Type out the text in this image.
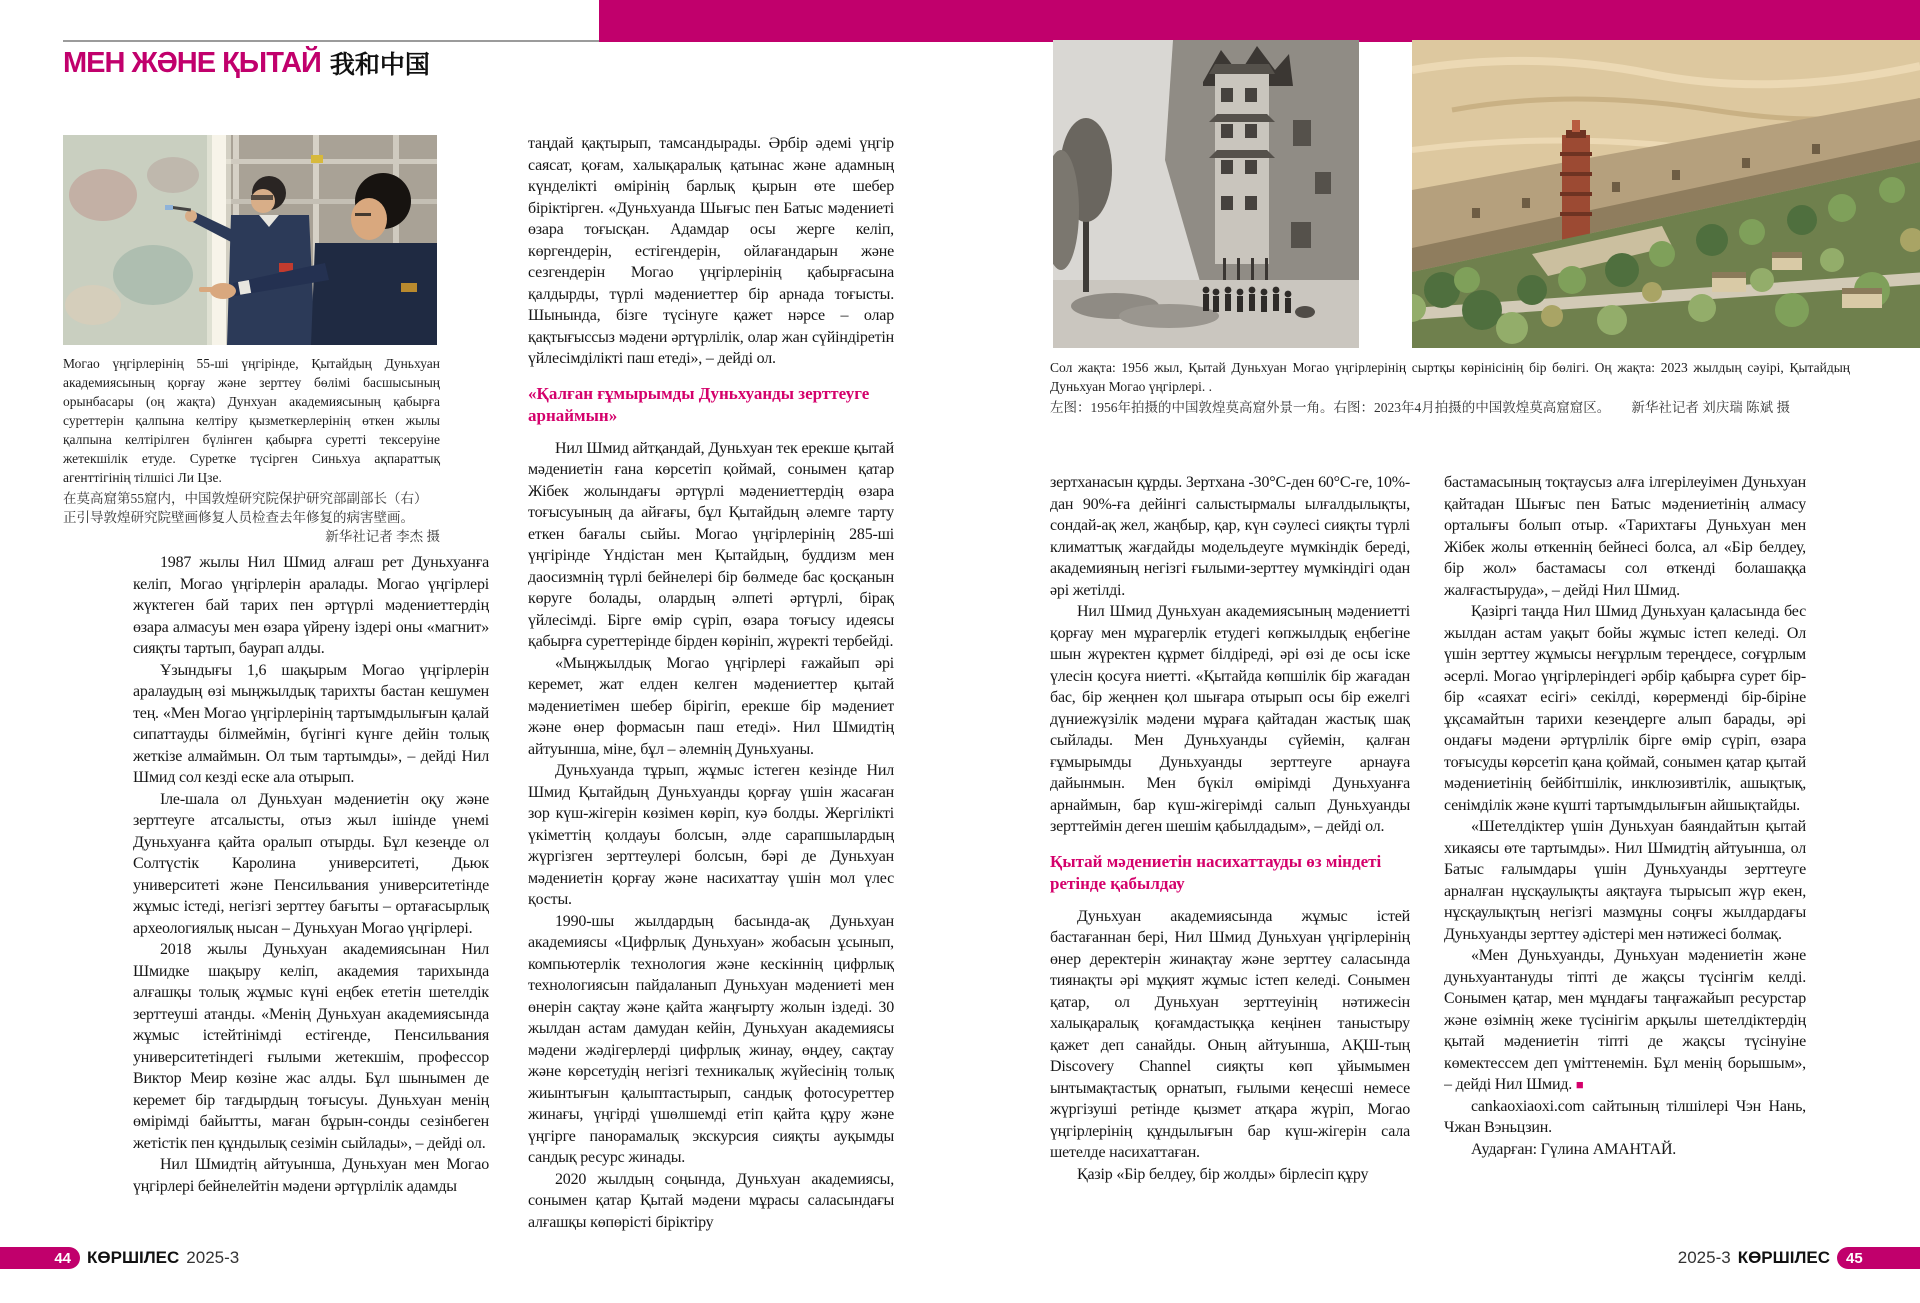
МЕН ЖӘНЕ ҚЫТАЙ 我和中国
Могао үңгірлерінің 55-ші үңгірінде, Қытайдың Дуньхуан академиясының қорғау және зерттеу бөлімі басшысының орынбасары (оң жақта) Дунхуан академиясының қабырға суреттерін қалпына келтіру қызметкерлерінің өткен жылы қалпына келтірілген бүлінген қабырға суретті тексеруіне жетекшілік етуде. Суретке түсірген Синьхуа ақпараттық агенттігінің тілшісі Ли Цзе.
在莫高窟第55窟内，中国敦煌研究院保护研究部副部长（右）正引导敦煌研究院壁画修复人员检查去年修复的病害壁画。
新华社记者 李杰 摄

1987 жылы Нил Шмид алғаш рет Дуньхуанға келіп, Могао үңгірлерін аралады. Могао үңгірлері жүктеген бай тарих пен әртүрлі мәдениеттердің өзара алмасуы мен өзара үйрену іздері оны «магнит» сияқты тартып, баурап алды.

Ұзындығы 1,6 шақырым Могао үңгірлерін аралаудың өзі мыңжылдық тарихты бастан кешумен тең. «Мен Могао үңгірлерінің тартымдылығын қалай сипаттауды білмеймін, бүгінгі күнге дейін толық жеткізе алмаймын. Ол тым тартымды», – дейді Нил Шмид сол кезді еске ала отырып.

Іле-шала ол Дуньхуан мәдениетін оқу және зерттеуге атсалысты, отыз жыл ішінде үнемі Дуньхуанға қайта оралып отырды. Бұл кезеңде ол Солтүстік Каролина университеті, Дьюк университеті және Пенсильвания университетінде жұмыс істеді, негізгі зерттеу бағыты – ортағасырлық археологиялық нысан – Дуньхуан Могао үңгірлері.

2018 жылы Дуньхуан академиясынан Нил Шмидке шақыру келіп, академия тарихында алғашқы толық жұмыс күні еңбек ететін шетелдік зерттеуші атанды. «Менің Дуньхуан академиясында жұмыс істейтінімді естігенде, Пенсильвания университетіндегі ғылыми жетекшім, профессор Виктор Меир көзіне жас алды. Бұл шынымен де керемет бір тағдырдың тоғысуы. Дуньхуан менің өмірімді байытты, маған бұрын-сонды сезінбеген жетістік пен құндылық сезімін сыйлады», – дейді ол.

Нил Шмидтің айтуынша, Дуньхуан мен Могао үңгірлері бейнелейтін мәдени әртүрлілік адамды

таңдай қақтырып, тамсандырады. Әрбір әдемі үңгір саясат, қоғам, халықаралық қатынас және адамның күнделікті өмірінің барлық қырын өте шебер біріктірген. «Дуньхуанда Шығыс пен Батыс мәдениеті өзара тоғысқан. Адамдар осы жерге келіп, көргендерін, естігендерін, ойлағандарын және сезгендерін Могао үңгірлерінің қабырғасына қалдырды, түрлі мәдениеттер бір арнада тоғысты. Шынында, бізге түсінуге қажет нәрсе – олар қақтығыссыз мәдени әртүрлілік, олар жан сүйіндіретін үйлесімділікті паш етеді», – дейді ол.

«Қалған ғұмырымды Дуньхуанды зерттеуге арнаймын»

Нил Шмид айтқандай, Дуньхуан тек ерекше қытай мәдениетін ғана көрсетіп қоймай, сонымен қатар Жібек жолындағы әртүрлі мәдениеттердің өзара тоғысуының да айғағы, бұл Қытайдың әлемге тарту еткен бағалы сыйы. Могао үңгірлерінің 285-ші үңгірінде Үндістан мен Қытайдың, буддизм мен даосизмнің түрлі бейнелері бір бөлмеде бас қосқанын көруге болады, олардың әлпеті әртүрлі, бірақ үйлесімді. Бірге өмір сүріп, өзара тоғысу идеясы қабырға суреттерінде бірден көрініп, жүректі тербейді.

«Мыңжылдық Могао үңгірлері ғажайып әрі керемет, жат елден келген мәдениеттер қытай мәдениетімен шебер бірігіп, ерекше бір мәдениет және өнер формасын паш етеді». Нил Шмидтің айтуынша, міне, бұл – әлемнің Дуньхуаны.

Дуньхуанда тұрып, жұмыс істеген кезінде Нил Шмид Қытайдың Дуньхуанды қорғау үшін жасаған зор күш-жігерін көзімен көріп, куә болды. Жергілікті үкіметтің қолдауы болсын, әлде сарапшылардың жүргізген зерттеулері болсын, бәрі де Дуньхуан мәдениетін қорғау және насихаттау үшін мол үлес қосты.

1990-шы жылдардың басында-ақ Дуньхуан академиясы «Цифрлық Дуньхуан» жобасын ұсынып, компьютерлік технология және кескіннің цифрлық технологиясын пайдаланып Дуньхуан мәдениеті мен өнерін сақтау және қайта жаңғырту жолын іздеді. 30 жылдан астам дамудан кейін, Дуньхуан академиясы мәдени жәдігерлерді цифрлық жинау, өңдеу, сақтау және көрсетудің негізгі техникалық жүйесінің толық жиынтығын қалыптастырып, сандық фотосуреттер жинағы, үңгірді үшөлшемді етіп қайта құру және үңгірге панорамалық экскурсия сияқты ауқымды сандық ресурс жинады.

2020 жылдың соңында, Дуньхуан академиясы, сонымен қатар Қытай мәдени мұрасы саласындағы алғашқы көпөрісті біріктіру

Сол жақта: 1956 жыл, Қытай Дуньхуан Могао үңгірлерінің сыртқы көрінісінің бір бөлігі. Оң жақта: 2023 жылдың сәуірі, Қытайдың Дуньхуан Могао үңгірлері. .
左图：1956年拍摄的中国敦煌莫高窟外景一角。右图：2023年4月拍摄的中国敦煌莫高窟窟区。 新华社记者 刘庆瑞 陈斌 摄

зертханасын құрды. Зертхана -30°C-ден 60°C-ге, 10%-дан 90%-ға дейінгі салыстырмалы ылғалдылықты, сондай-ақ жел, жаңбыр, қар, күн сәулесі сияқты түрлі климаттық жағдайды модельдеуге мүмкіндік береді, академияның негізгі ғылыми-зерттеу мүмкіндігі одан әрі жетілді.

Нил Шмид Дуньхуан академиясының мәдениетті қорғау мен мұрагерлік етудегі көпжылдық еңбегіне шын жүректен құрмет білдіреді, әрі өзі де осы іске үлесін қосуға ниетті. «Қытайда көпшілік бір жағадан бас, бір жеңнен қол шығара отырып осы бір ежелгі дүниежүзілік мәдени мұраға қайтадан жастық шақ сыйлады. Мен Дуньхуанды сүйемін, қалған ғұмырымды Дуньхуанды зерттеуге арнауға дайынмын. Мен бүкіл өмірімді Дуньхуанға арнаймын, бар күш-жігерімді салып Дуньхуанды зерттеймін деген шешім қабылдадым», – дейді ол.

Қытай мәдениетін насихаттауды өз міндеті ретінде қабылдау

Дуньхуан академиясында жұмыс істей бастағаннан бері, Нил Шмид Дуньхуан үңгірлерінің өнер деректерін жинақтау және зерттеу саласында тиянақты әрі мұқият жұмыс істеп келеді. Сонымен қатар, ол Дуньхуан зерттеуінің нәтижесін халықаралық қоғамдастыққа кеңінен таныстыру қажет деп санайды. Оның айтуынша, АҚШ-тың Discovery Channel сияқты көп ұйымымен ынтымақтастық орнатып, ғылыми кеңесші немесе жүргізуші ретінде қызмет атқара жүріп, Могао үңгірлерінің құндылығын бар күш-жігерін сала шетелде насихаттаған.

Қазір «Бір белдеу, бір жолды» бірлесіп құру

бастамасының тоқтаусыз алға ілгерілеуімен Дуньхуан қайтадан Шығыс пен Батыс мәдениетінің алмасу орталығы болып отыр. «Тарихтағы Дуньхуан мен Жібек жолы өткеннің бейнесі болса, ал «Бір белдеу, бір жол» бастамасы сол өткенді болашаққа жалғастыруда», – дейді Нил Шмид.

Қазіргі таңда Нил Шмид Дуньхуан қаласында бес жылдан астам уақыт бойы жұмыс істеп келеді. Ол үшін зерттеу жұмысы неғұрлым тереңдесе, соғұрлым әсерлі. Могао үңгірлеріндегі әрбір қабырға сурет бір-бір «саяхат есігі» секілді, көрерменді бір-біріне ұқсамайтын тарихи кезеңдерге алып барады, әрі ондағы мәдени әртүрлілік бірге өмір сүріп, өзара тоғысуды көрсетіп қана қоймай, сонымен қатар қытай мәдениетінің бейбітшілік, инклюзивтілік, ашықтық, сенімділік және күшті тартымдылығын айшықтайды.

«Шетелдіктер үшін Дуньхуан баяндайтын қытай хикаясы өте тартымды». Нил Шмидтің айтуынша, ол Батыс ғалымдары үшін Дуньхуанды зерттеуге арналған нұсқаулықты аяқтауға тырысып жүр екен, нұсқаулықтың негізгі мазмұны соңғы жылдардағы Дуньхуанды зерттеу әдістері мен нәтижесі болмақ.

«Мен Дуньхуанды, Дуньхуан мәдениетін және дуньхуантануды тіпті де жақсы түсінгім келді. Сонымен қатар, мен мұндағы таңғажайып ресурстар және өзімнің жеке түсінігім арқылы шетелдіктердің қытай мәдениетін тіпті де жақсы түсінуіне көмектессем деп үміттенемін. Бұл менің борышым», – дейді Нил Шмид. ■

cankaoxiaoxi.com сайтының тілшілері Чэн Нань, Чжан Вэньцзин.

Аударған: Гүлина АМАНТАЙ.

44 КӨРШІЛЕС 2025-3	2025-3 КӨРШІЛЕС 45
